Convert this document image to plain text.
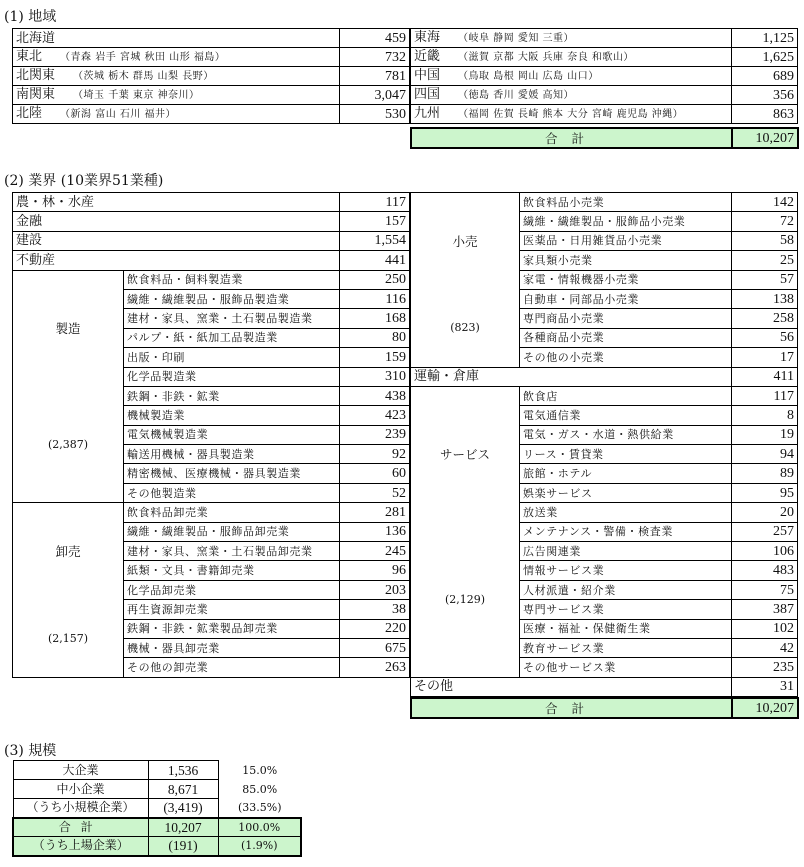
(1) 地域
北海道	459
東北 （青森 岩手 宮城 秋田 山形 福島）	732
北関東 （茨城 栃木 群馬 山梨 長野）	781
南関東 （埼玉 千葉 東京 神奈川）	3,047
北陸 （新潟 富山 石川 福井）	530
東海 （岐阜 静岡 愛知 三重）	1,125
近畿 （滋賀 京都 大阪 兵庫 奈良 和歌山）	1,625
中国 （鳥取 島根 岡山 広島 山口）	689
四国 （徳島 香川 愛媛 高知）	356
九州 （福岡 佐賀 長崎 熊本 大分 宮崎 鹿児島 沖縄）	863
合計	10,207
(2) 業界 (10業界51業種)
農・林・水産		117
金融		157
建設		1,554
不動産		441
製造	飲食料品・飼料製造業	250
	繊維・繊維製品・服飾品製造業	116
	建材・家具、窯業・土石製品製造業	168
	パルプ・紙・紙加工品製造業	80
	出版・印刷	159
	化学品製造業	310
(2,387)	鉄鋼・非鉄・鉱業	438
	機械製造業	423
	電気機械製造業	239
	輸送用機械・器具製造業	92
	精密機械、医療機械・器具製造業	60
	その他製造業	52
卸売	飲食料品卸売業	281
	繊維・繊維製品・服飾品卸売業	136
	建材・家具、窯業・土石製品卸売業	245
	紙類・文具・書籍卸売業	96
	化学品卸売業	203
(2,157)	再生資源卸売業	38
	鉄鋼・非鉄・鉱業製品卸売業	220
	機械・器具卸売業	675
	その他の卸売業	263
小売	飲食料品小売業	142
	繊維・繊維製品・服飾品小売業	72
	医薬品・日用雑貨品小売業	58
	家具類小売業	25
	家電・情報機器小売業	57
(823)	自動車・同部品小売業	138
	専門商品小売業	258
	各種商品小売業	56
	その他の小売業	17
運輸・倉庫		411
サービス	飲食店	117
	電気通信業	8
	電気・ガス・水道・熱供給業	19
	リース・賃貸業	94
	旅館・ホテル	89
	娯楽サービス	95
	放送業	20
(2,129)	メンテナンス・警備・検査業	257
	広告関連業	106
	情報サービス業	483
	人材派遣・紹介業	75
	専門サービス業	387
	医療・福祉・保健衛生業	102
	教育サービス業	42
	その他サービス業	235
その他		31
合計	10,207
(3) 規模
大企業	1,536	15.0%
中小企業	8,671	85.0%
（うち小規模企業）	(3,419)	(33.5%)
合計	10,207	100.0%
（うち上場企業）	(191)	(1.9%)
